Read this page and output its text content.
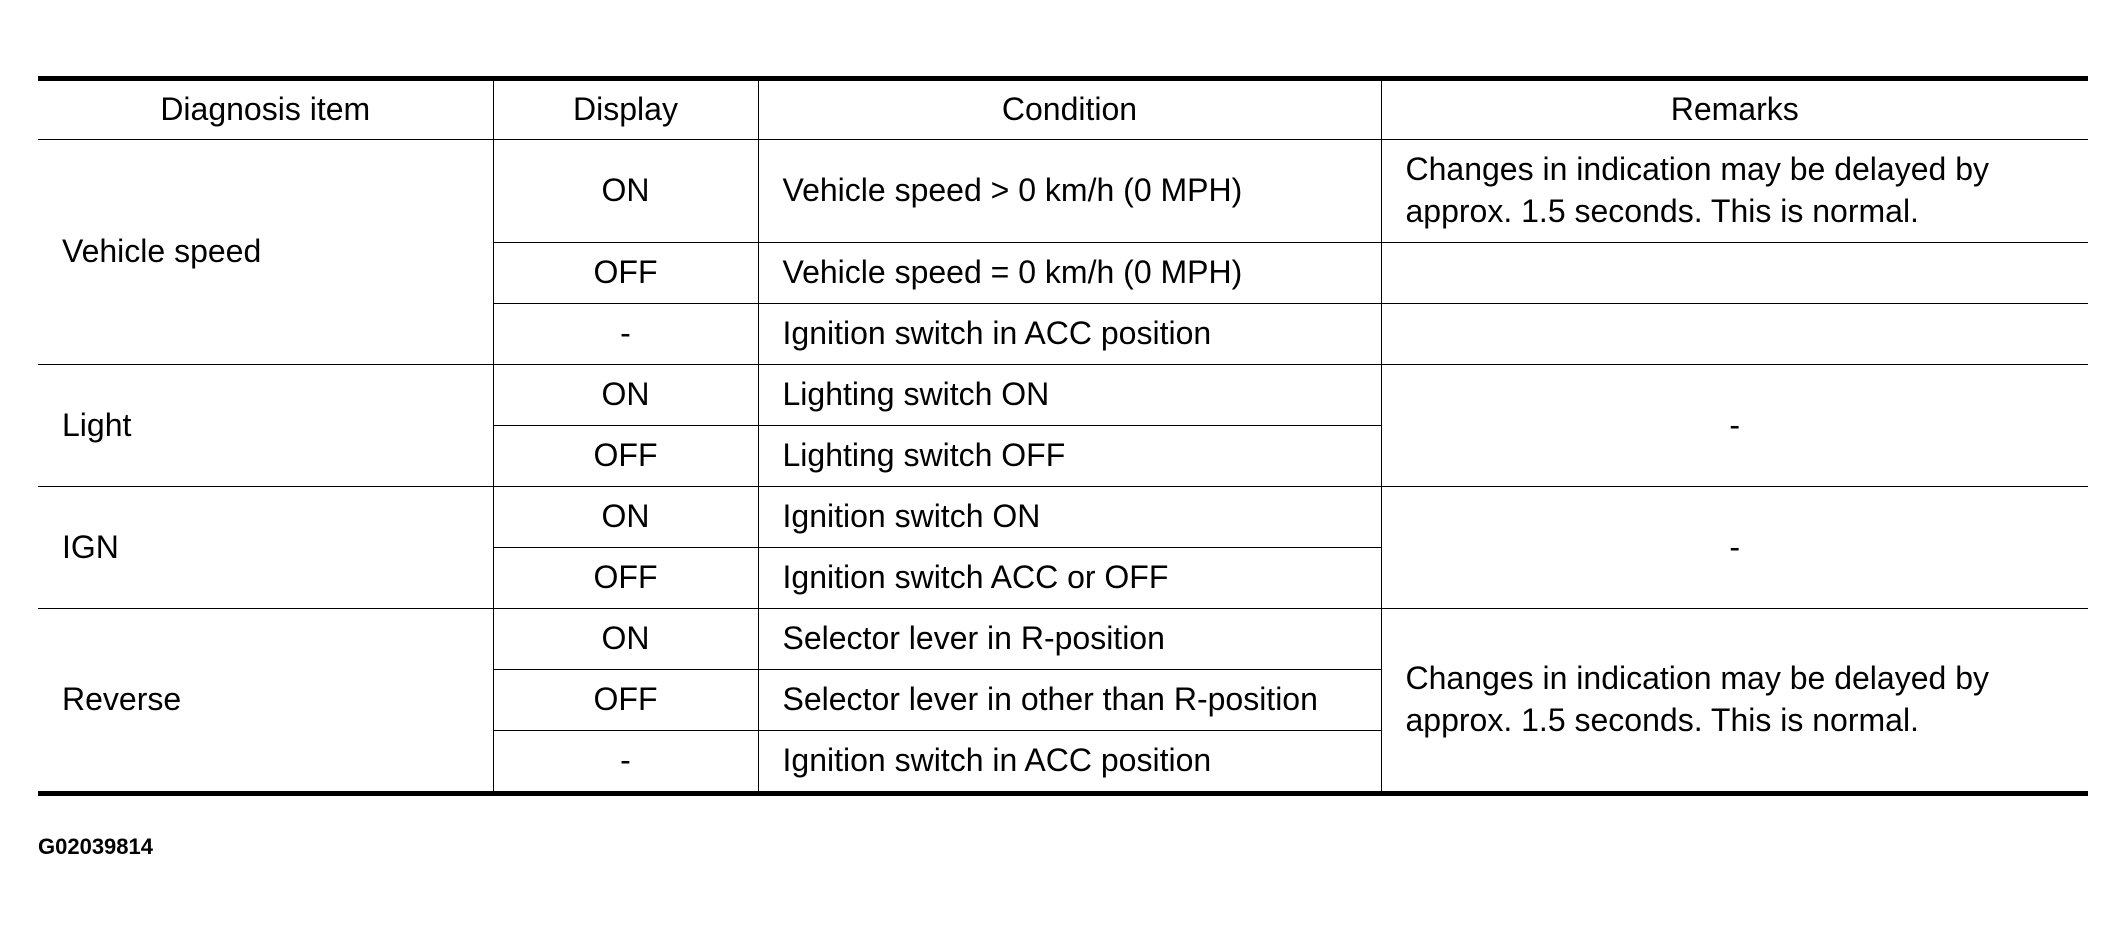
Diagnosis item	Display	Condition	Remarks
Vehicle speed	ON	Vehicle speed > 0 km/h (0 MPH)	Changes in indication may be delayed by approx. 1.5 seconds. This is normal.
	OFF	Vehicle speed = 0 km/h (0 MPH)	
	-	Ignition switch in ACC position	
Light	ON	Lighting switch ON	-
	OFF	Lighting switch OFF	
IGN	ON	Ignition switch ON	-
	OFF	Ignition switch ACC or OFF	
Reverse	ON	Selector lever in R-position	Changes in indication may be delayed by approx. 1.5 seconds. This is normal.
	OFF	Selector lever in other than R-position	
	-	Ignition switch in ACC position	
G02039814
